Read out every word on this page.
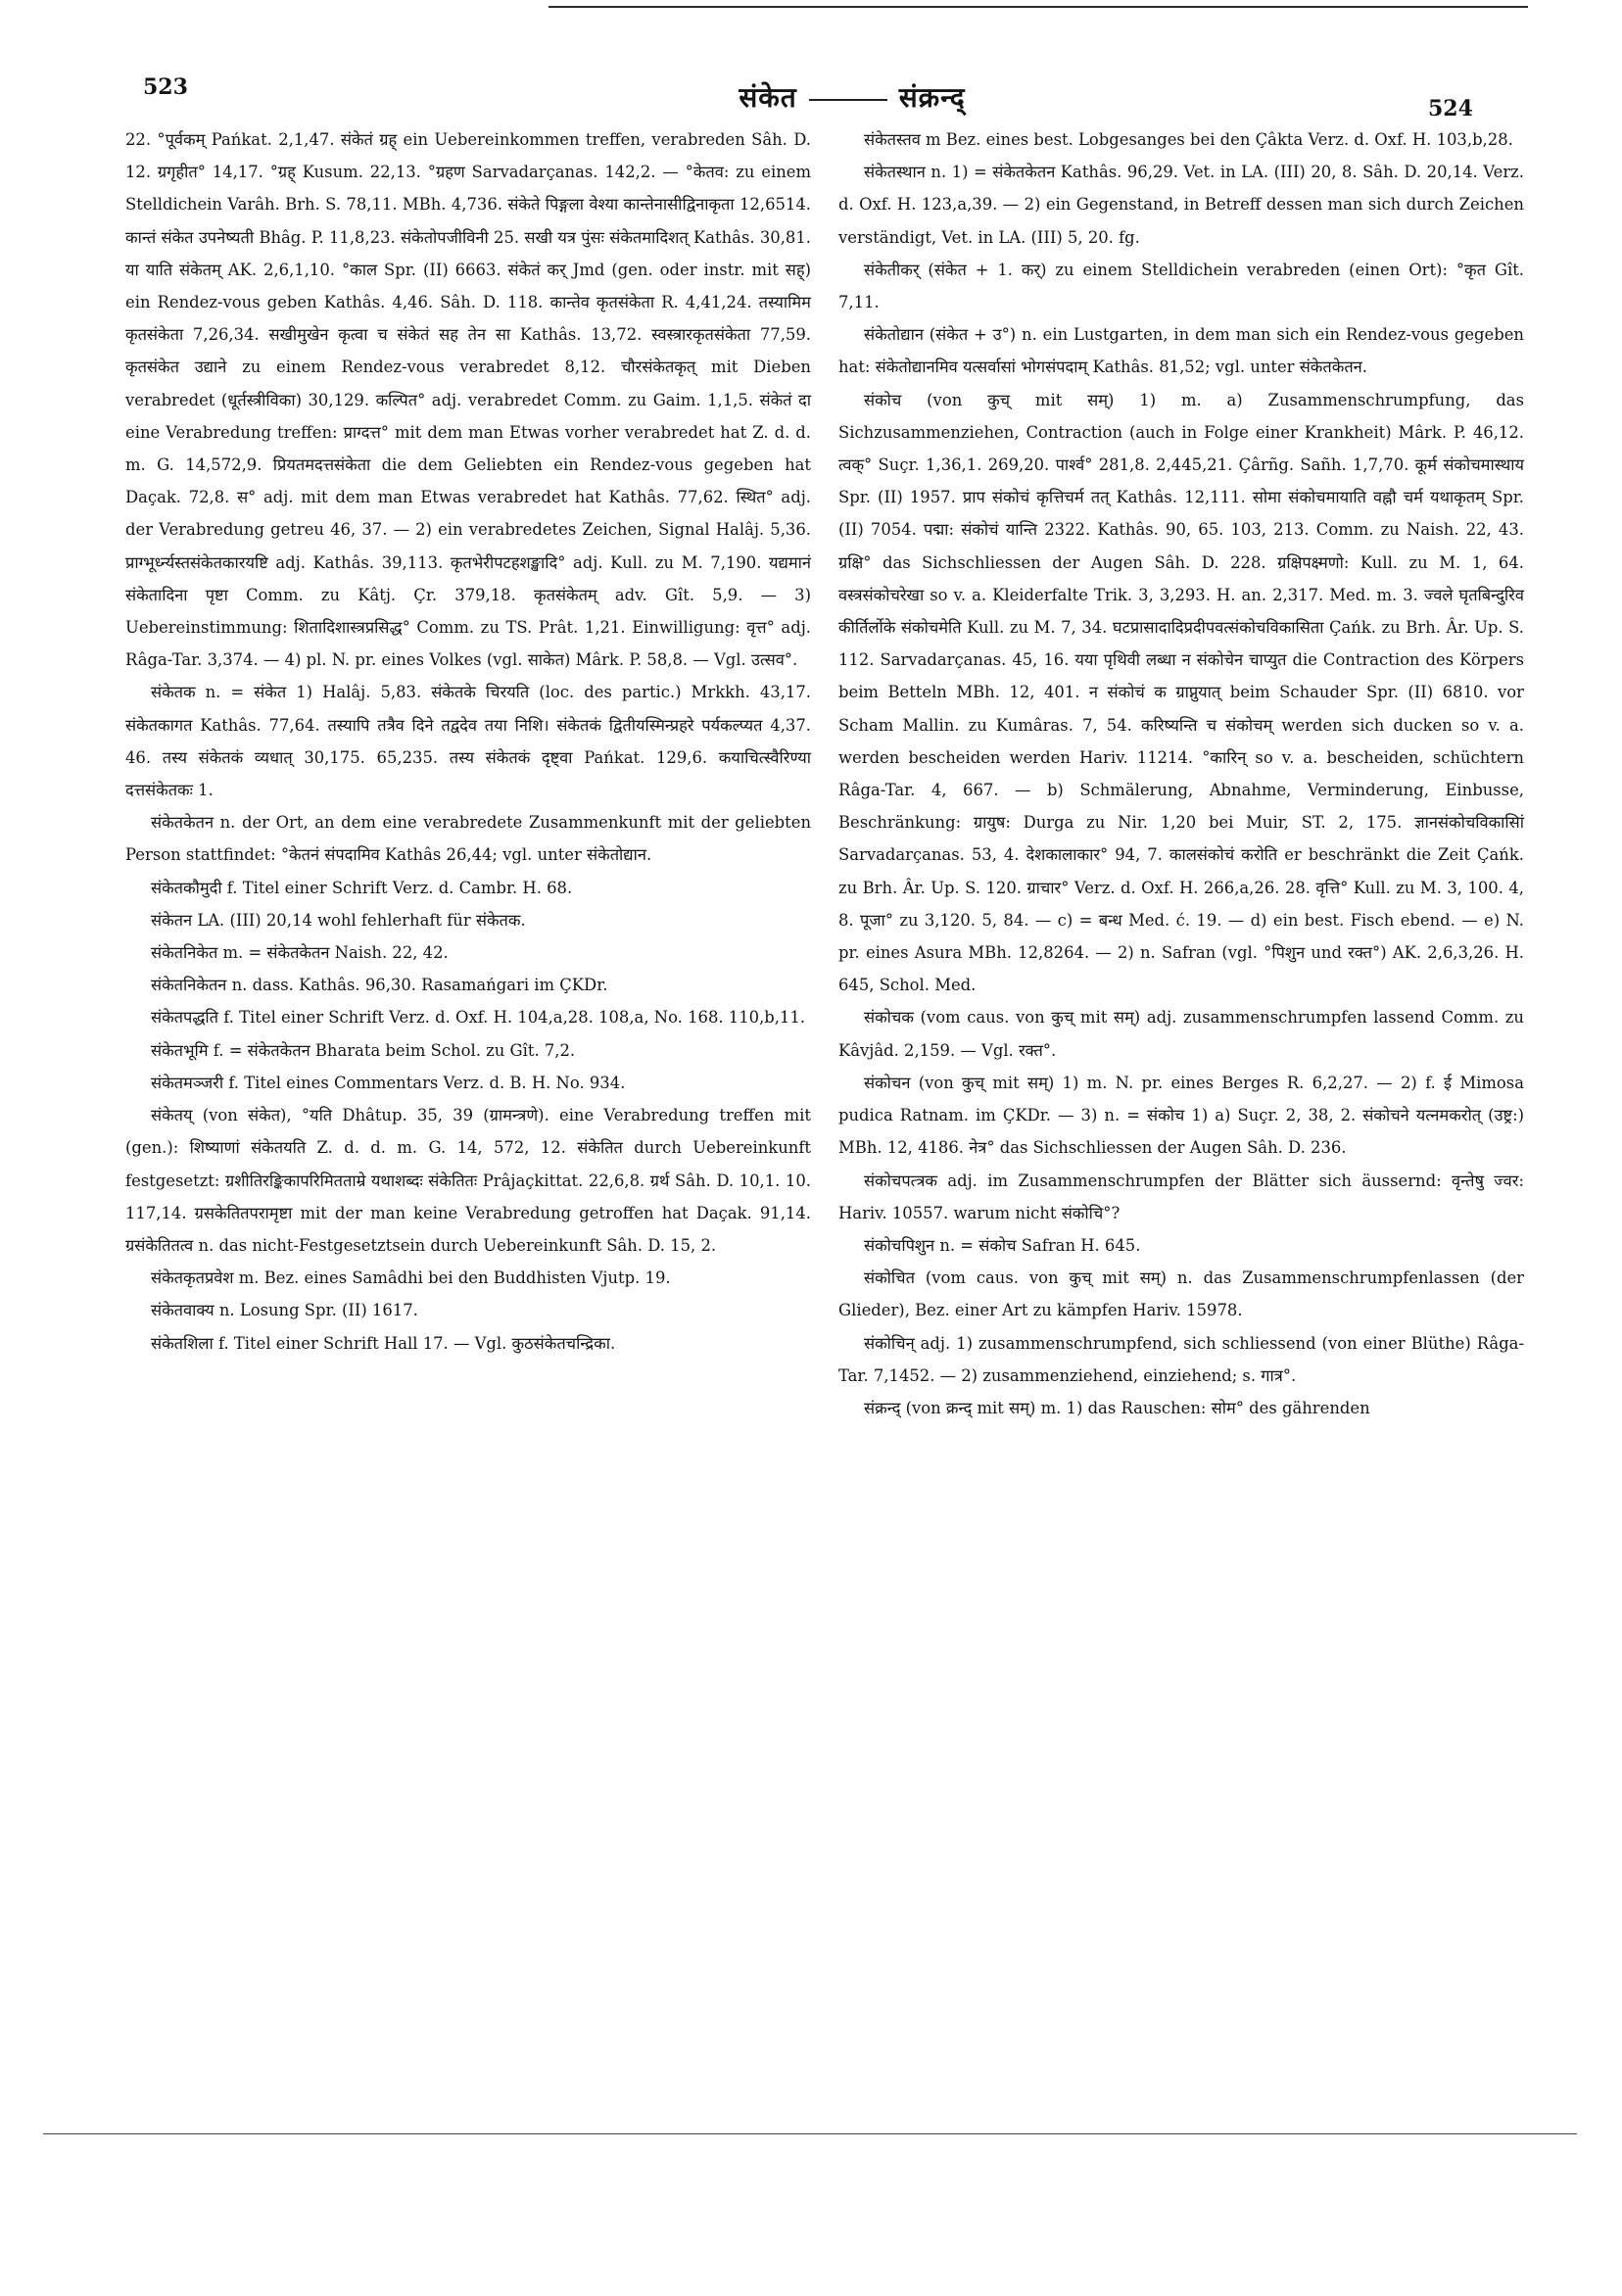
523	संकेत	संक्रन्द्	524

22. °पूर्वकम् Pańkat. 2,1,47. संकेतं ग्रह् ein Uebereinkommen treffen, verabreden Sâh. D. 12. ग्रगृहीत° 14,17. °ग्रह् Kusum. 22,13. °ग्रहण Sarvadarçanas. 142,2. — °केतव: zu einem Stelldichein Varâh. Brh. S. 78,11. MBh. 4,736. संकेते पिङ्गला वेश्या कान्तेनासीद्विनाकृता 12,6514. कान्तं संकेत उपनेष्यती Bhâg. P. 11,8,23. संकेतोपजीविनी 25. सखी यत्र पुंसः संकेतमादिशत् Kathâs. 30,81. या याति संकेतम् AK. 2,6,1,10. °काल Spr. (II) 6663. संकेतं कर् Jmd (gen. oder instr. mit सह्) ein Rendez-vous geben Kathâs. 4,46. Sâh. D. 118. कान्तेव कृतसंकेता R. 4,41,24. तस्यामिम कृतसंकेता 7,26,34. सखीमुखेन कृत्वा च संकेतं सह तेन सा Kathâs. 13,72. स्वस्त्रारकृतसंकेता 77,59. कृतसंकेत उद्याने zu einem Rendez-vous verabredet 8,12. चौरसंकेतकृत् mit Dieben verabredet (धूर्तस्त्रीविका) 30,129. कल्पित° adj. verabredet Comm. zu Gaim. 1,1,5. संकेतं दा eine Verabredung treffen: प्राग्दत्त° mit dem man Etwas vorher verabredet hat Z. d. d. m. G. 14,572,9. प्रियतमदत्तसंकेता die dem Geliebten ein Rendez-vous gegeben hat Daçak. 72,8. स° adj. mit dem man Etwas verabredet hat Kathâs. 77,62. स्थित° adj. der Verabredung getreu 46, 37. — 2) ein verabredetes Zeichen, Signal Halâj. 5,36. प्राग्भूर्ध्न्यस्तसंकेतकारयष्टि adj. Kathâs. 39,113. कृतभेरीपटहशङ्खादि° adj. Kull. zu M. 7,190. यद्यमानं संकेतादिना पृष्टा Comm. zu Kâtj. Çr. 379,18. कृतसंकेतम् adv. Gît. 5,9. — 3) Uebereinstimmung: शितादिशास्त्रप्रसिद्ध° Comm. zu TS. Prât. 1,21. Einwilligung: वृत्त° adj. Râga-Tar. 3,374. — 4) pl. N. pr. eines Volkes (vgl. साकेत) Mârk. P. 58,8. — Vgl. उत्सव°.

संकेतक n. = संकेत 1) Halâj. 5,83. संकेतके चिरयति (loc. des partic.) Mrkkh. 43,17. संकेतकागत Kathâs. 77,64. तस्यापि तत्रैव दिने तद्वदेव तया निशि। संकेतकं द्वितीयस्मिन्प्रहरे पर्यकल्प्यत 4,37. 46. तस्य संकेतकं व्यधात् 30,175. 65,235. तस्य संकेतकं दृष्ट्वा Pańkat. 129,6. कयाचित्स्वैरिण्या दत्तसंकेतकः 1.

संकेतकेतन n. der Ort, an dem eine verabredete Zusammenkunft mit der geliebten Person stattfindet: °केतनं संपदामिव Kathâs 26,44; vgl. unter संकेतोद्यान.

संकेतकौमुदी f. Titel einer Schrift Verz. d. Cambr. H. 68.

संकेतन LA. (III) 20,14 wohl fehlerhaft für संकेतक.

संकेतनिकेत m. = संकेतकेतन Naish. 22, 42.

संकेतनिकेतन n. dass. Kathâs. 96,30. Rasamańgari im ÇKDr.

संकेतपद्धति f. Titel einer Schrift Verz. d. Oxf. H. 104,a,28. 108,a, No. 168. 110,b,11.

संकेतभूमि f. = संकेतकेतन Bharata beim Schol. zu Gît. 7,2.

संकेतमञ्जरी f. Titel eines Commentars Verz. d. B. H. No. 934.

संकेतय् (von संकेत), °यति Dhâtup. 35, 39 (ग्रामन्त्रणे). eine Verabredung treffen mit (gen.): शिष्याणां संकेतयति Z. d. d. m. G. 14, 572, 12. संकेतित durch Uebereinkunft festgesetzt: ग्रशीतिरङ्किकापरिमितताम्रे यथाशब्दः संकेतितः Prâjaçkittat. 22,6,8. ग्रर्थ Sâh. D. 10,1. 10. 117,14. ग्रसकेतितपरामृष्टा mit der man keine Verabredung getroffen hat Daçak. 91,14. ग्रसंकेतितत्व n. das nicht-Festgesetztsein durch Uebereinkunft Sâh. D. 15, 2.

संकेतकृतप्रवेश m. Bez. eines Samâdhi bei den Buddhisten Vjutp. 19.

संकेतवाक्य n. Losung Spr. (II) 1617.

संकेतशिला f. Titel einer Schrift Hall 17. — Vgl. कुठसंकेतचन्द्रिका.

संकेतस्तव m Bez. eines best. Lobgesanges bei den Çâkta Verz. d. Oxf. H. 103,b,28.

संकेतस्थान n. 1) = संकेतकेतन Kathâs. 96,29. Vet. in LA. (III) 20, 8. Sâh. D. 20,14. Verz. d. Oxf. H. 123,a,39. — 2) ein Gegenstand, in Betreff dessen man sich durch Zeichen verständigt, Vet. in LA. (III) 5, 20. fg.

संकेतीकर् (संकेत + 1. कर्) zu einem Stelldichein verabreden (einen Ort): °कृत Gît. 7,11.

संकेतोद्यान (संकेत + उ°) n. ein Lustgarten, in dem man sich ein Rendez-vous gegeben hat: संकेतोद्यानमिव यत्सर्वासां भोगसंपदाम् Kathâs. 81,52; vgl. unter संकेतकेतन.

संकोच (von कुच् mit सम्) 1) m. a) Zusammenschrumpfung, das Sichzusammenziehen, Contraction (auch in Folge einer Krankheit) Mârk. P. 46,12. त्वक्° Suçr. 1,36,1. 269,20. पार्श्व° 281,8. 2,445,21. Çârñg. Sañh. 1,7,70. कूर्म संकोचमास्थाय Spr. (II) 1957. प्राप संकोचं कृत्तिचर्म तत् Kathâs. 12,111. सोमा संकोचमायाति वह्नौ चर्म यथाकृतम् Spr. (II) 7054. पद्मा: संकोचं यान्ति 2322. Kathâs. 90, 65. 103, 213. Comm. zu Naish. 22, 43. ग्रक्षि° das Sichschliessen der Augen Sâh. D. 228. ग्रक्षिपक्ष्मणो: Kull. zu M. 1, 64. वस्त्रसंकोचरेखा so v. a. Kleiderfalte Trik. 3, 3,293. H. an. 2,317. Med. m. 3. ज्वले घृतबिन्दुरिव कीर्तिर्लोके संकोचमेति Kull. zu M. 7, 34. घटप्रासादादिप्रदीपवत्संकोचविकासिता Çańk. zu Brh. Âr. Up. S. 112. Sarvadarçanas. 45, 16. यया पृथिवी लब्धा न संकोचेन चाप्युत die Contraction des Körpers beim Betteln MBh. 12, 401. न संकोचं क ग्राप्नुयात् beim Schauder Spr. (II) 6810. vor Scham Mallin. zu Kumâras. 7, 54. करिष्यन्ति च संकोचम् werden sich ducken so v. a. werden bescheiden werden Hariv. 11214. °कारिन् so v. a. bescheiden, schüchtern Râga-Tar. 4, 667. — b) Schmälerung, Abnahme, Verminderung, Einbusse, Beschränkung: ग्रायुष: Durga zu Nir. 1,20 bei Muir, ST. 2, 175. ज्ञानसंकोचविकासिां Sarvadarçanas. 53, 4. देशकालाकार° 94, 7. कालसंकोचं करोति er beschränkt die Zeit Çańk. zu Brh. Âr. Up. S. 120. ग्राचार° Verz. d. Oxf. H. 266,a,26. 28. वृत्ति° Kull. zu M. 3, 100. 4, 8. पूजा° zu 3,120. 5, 84. — c) = बन्ध Med. ć. 19. — d) ein best. Fisch ebend. — e) N. pr. eines Asura MBh. 12,8264. — 2) n. Safran (vgl. °पिशुन und रक्त°) AK. 2,6,3,26. H. 645, Schol. Med.

संकोचक (vom caus. von कुच् mit सम्) adj. zusammenschrumpfen lassend Comm. zu Kâvjâd. 2,159. — Vgl. रक्त°.

संकोचन (von कुच् mit सम्) 1) m. N. pr. eines Berges R. 6,2,27. — 2) f. ई Mimosa pudica Ratnam. im ÇKDr. — 3) n. = संकोच 1) a) Suçr. 2, 38, 2. संकोचने यत्नमकरोत् (उष्ट्र:) MBh. 12, 4186. नेत्र° das Sichschliessen der Augen Sâh. D. 236.

संकोचपत्त्रक adj. im Zusammenschrumpfen der Blätter sich äussernd: वृन्तेषु ज्वर: Hariv. 10557. warum nicht संकोचि°?

संकोचपिशुन n. = संकोच Safran H. 645.

संकोचित (vom caus. von कुच् mit सम्) n. das Zusammenschrumpfenlassen (der Glieder), Bez. einer Art zu kämpfen Hariv. 15978.

संकोचिन् adj. 1) zusammenschrumpfend, sich schliessend (von einer Blüthe) Râga-Tar. 7,1452. — 2) zusammenziehend, einziehend; s. गात्र°.

संक्रन्द् (von क्रन्द् mit सम्) m. 1) das Rauschen: सोम° des gährenden
